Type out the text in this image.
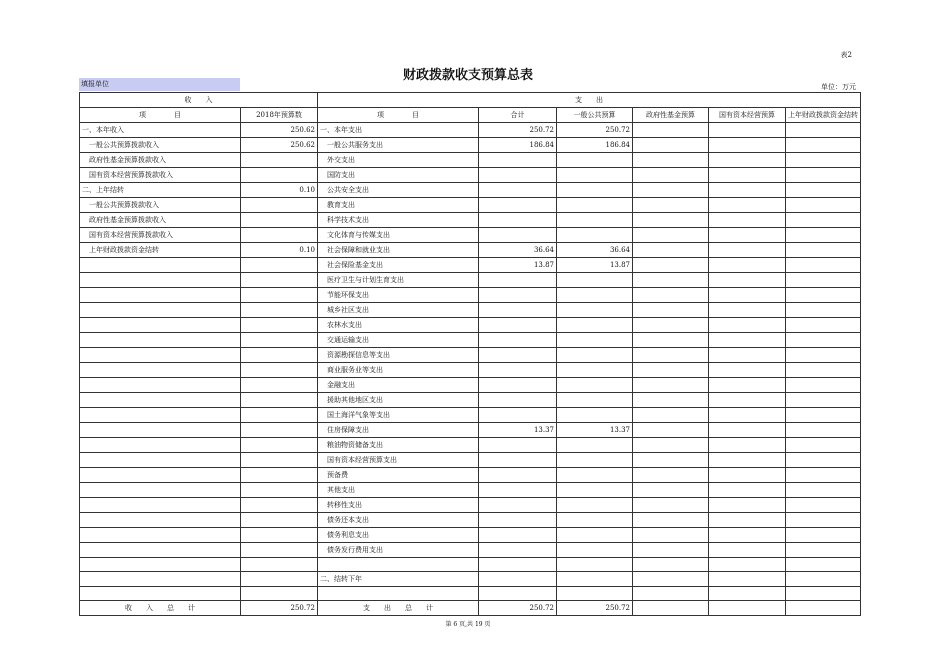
表2
财政拨款收支预算总表
填报单位	单位：万元
收　　入		支　　出					
项　　　　目	2018年预算数	项　　　　目	合计	一般公共预算	政府性基金预算	国有资本经营预算	上年财政拨款资金结转
一、本年收入	250.62	一、本年支出	250.72	250.72			
　一般公共预算拨款收入	250.62	　一般公共服务支出	186.84	186.84			
　政府性基金预算拨款收入		　外交支出					
　国有资本经营预算拨款收入		　国防支出					
二、上年结转	0.10	　公共安全支出					
　一般公共预算拨款收入		　教育支出					
　政府性基金预算拨款收入		　科学技术支出					
　国有资本经营预算拨款收入		　文化体育与传媒支出					
　上年财政拨款资金结转	0.10	　社会保障和就业支出	36.64	36.64			
		　社会保险基金支出	13.87	13.87			
		　医疗卫生与计划生育支出					
		　节能环保支出					
		　城乡社区支出					
		　农林水支出					
		　交通运输支出					
		　资源勘探信息等支出					
		　商业服务业等支出					
		　金融支出					
		　援助其他地区支出					
		　国土海洋气象等支出					
		　住房保障支出	13.37	13.37			
		　粮油物资储备支出					
		　国有资本经营预算支出					
		　预备费					
		　其他支出					
		　转移性支出					
		　债务还本支出					
		　债务利息支出					
		　债务发行费用支出					

		二、结转下年					

收　　入　　总　　计	250.72	支　　出　　总　　计	250.72	250.72			
第 6 页,共 19 页
